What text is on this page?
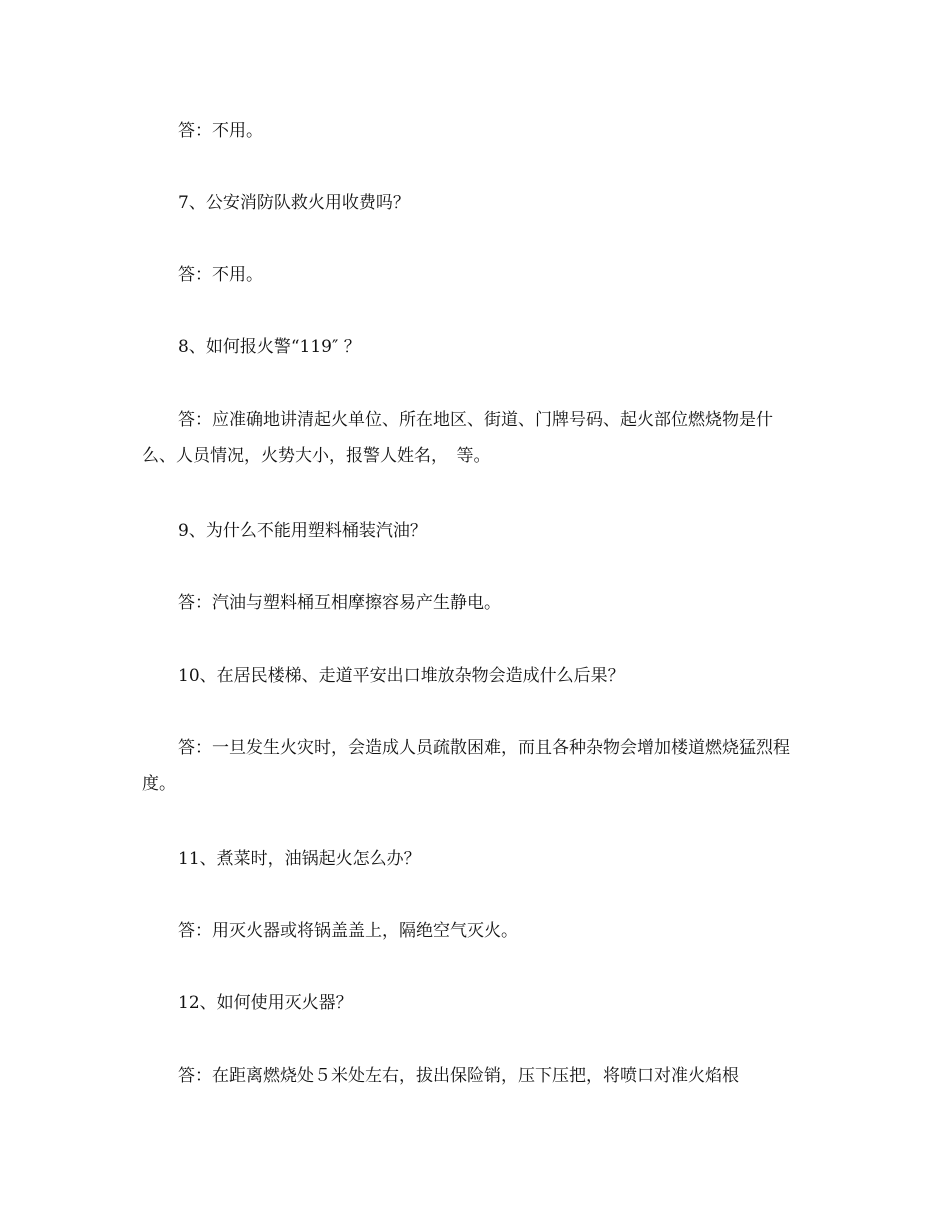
答：不用。

7、公安消防队救火用收费吗？

答：不用。

8、如何报火警“119″ ？

答：应准确地讲清起火单位、所在地区、街道、门牌号码、起火部位燃烧物是什么、人员情况，火势大小，报警人姓名，　等。

9、为什么不能用塑料桶装汽油？

答：汽油与塑料桶互相摩擦容易产生静电。

10、在居民楼梯、走道平安出口堆放杂物会造成什么后果？

答：一旦发生火灾时，会造成人员疏散困难，而且各种杂物会增加楼道燃烧猛烈程度。

11、煮菜时，油锅起火怎么办？

答：用灭火器或将锅盖盖上，隔绝空气灭火。

12、如何使用灭火器？

答：在距离燃烧处５米处左右，拔出保险销，压下压把，将喷口对准火焰根
